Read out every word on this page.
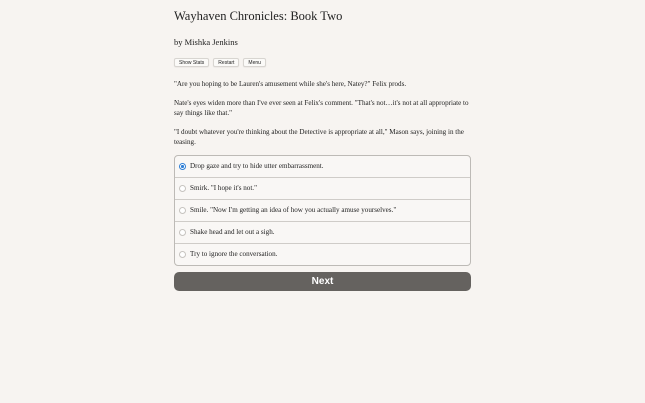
Wayhaven Chronicles: Book Two
by Mishka Jenkins
Show Stats	Restart	Menu

"Are you hoping to be Lauren's amusement while she's here, Natey?" Felix prods.

Nate's eyes widen more than I've ever seen at Felix's comment. "That's not…it's not at all appropriate to say things like that."

"I doubt whatever you're thinking about the Detective is appropriate at all," Mason says, joining in the teasing.

Drop gaze and try to hide utter embarrassment.
Smirk. "I hope it's not."
Smile. "Now I'm getting an idea of how you actually amuse yourselves."
Shake head and let out a sigh.
Try to ignore the conversation.
Next
